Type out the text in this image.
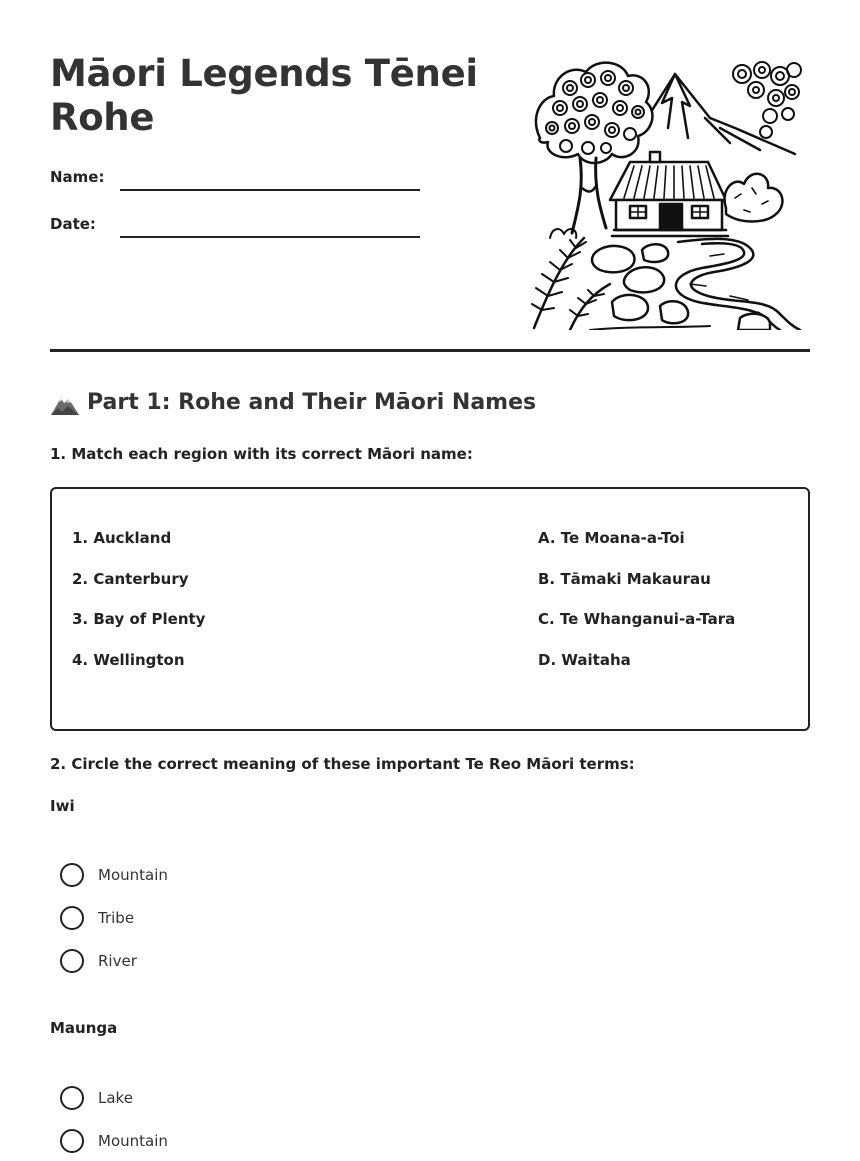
Māori Legends Tēnei Rohe
Name:
Date:
Part 1: Rohe and Their Māori Names
1. Match each region with its correct Māori name:
1. Auckland
2. Canterbury
3. Bay of Plenty
4. Wellington
A. Te Moana-a-Toi
B. Tāmaki Makaurau
C. Te Whanganui-a-Tara
D. Waitaha
2. Circle the correct meaning of these important Te Reo Māori terms:
Iwi
Mountain
Tribe
River
Maunga
Lake
Mountain
